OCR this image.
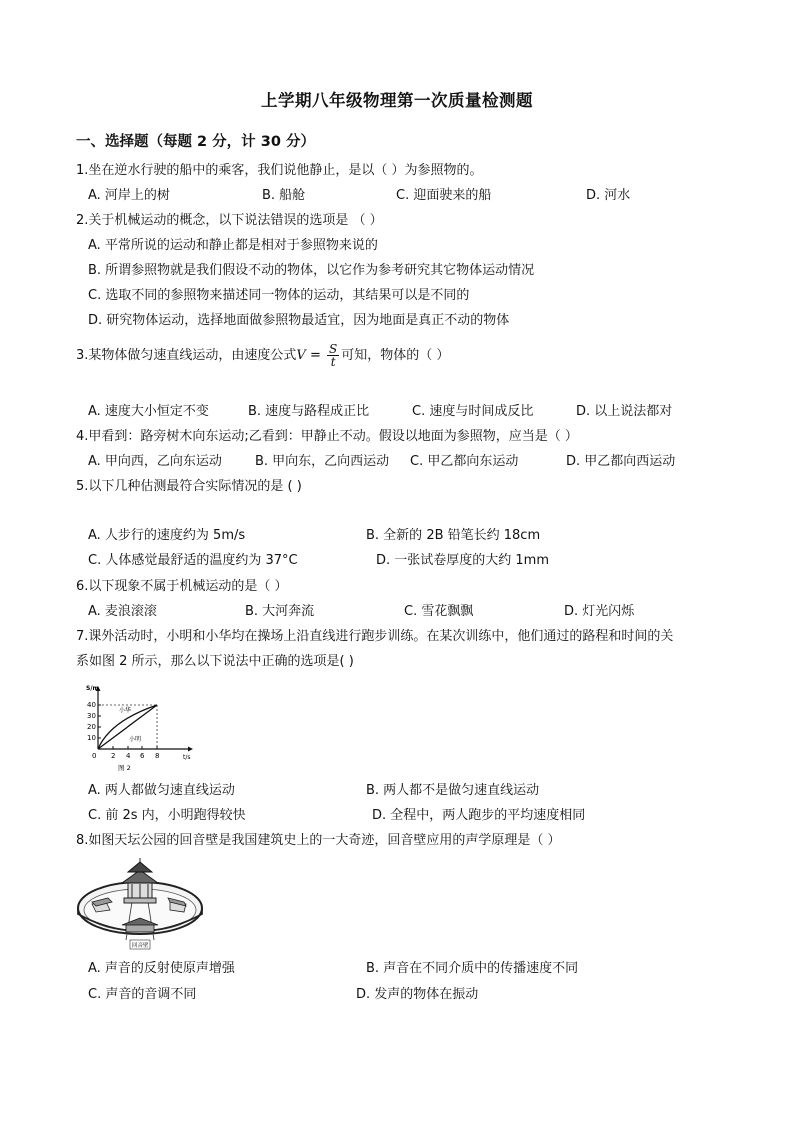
上学期八年级物理第一次质量检测题
一、选择题（每题 2 分，计 30 分）
1.坐在逆水行驶的船中的乘客，我们说他静止，是以（ ）为参照物的。
A. 河岸上的树	B. 船舱	C. 迎面驶来的船	D. 河水
2.关于机械运动的概念，以下说法错误的选项是 （ ）
A. 平常所说的运动和静止都是相对于参照物来说的
B. 所谓参照物就是我们假设不动的物体，以它作为参考研究其它物体运动情况
C. 选取不同的参照物来描述同一物体的运动，其结果可以是不同的
D. 研究物体运动，选择地面做参照物最适宜，因为地面是真正不动的物体
3.某物体做匀速直线运动，由速度公式$V = \frac{S}{t}$ 可知，物体的（ ）
A. 速度大小恒定不变	B. 速度与路程成正比	C. 速度与时间成反比	D. 以上说法都对
4.甲看到：路旁树木向东运动;乙看到：甲静止不动。假设以地面为参照物，应当是（ ）
A. 甲向西，乙向东运动	B. 甲向东，乙向西运动 C. 甲乙都向东运动	D. 甲乙都向西运动
5.以下几种估测最符合实际情况的是 ( )
A. 人步行的速度约为 5m/s	B. 全新的 2B 铅笔长约 18cm
C. 人体感觉最舒适的温度约为 37°C	D. 一张试卷厚度的大约 1mm
6.以下现象不属于机械运动的是（ ）
A. 麦浪滚滚	B. 大河奔流	C. 雪花飘飘	D. 灯光闪烁
7.课外活动时，小明和小华均在操场上沿直线进行跑步训练。在某次训练中，他们通过的路程和时间的关
系如图 2 所示，那么以下说法中正确的选项是( )
S/m
t/s
40
30
20
10
0 2 4 6 8
小华
小明
图 2
A. 两人都做匀速直线运动	B. 两人都不是做匀速直线运动
C. 前 2s 内，小明跑得较快	D. 全程中，两人跑步的平均速度相同
8.如图天坛公园的回音壁是我国建筑史上的一大奇迹，回音壁应用的声学原理是（ ）
回音壁
A. 声音的反射使原声增强	B. 声音在不同介质中的传播速度不同
C. 声音的音调不同	D. 发声的物体在振动
